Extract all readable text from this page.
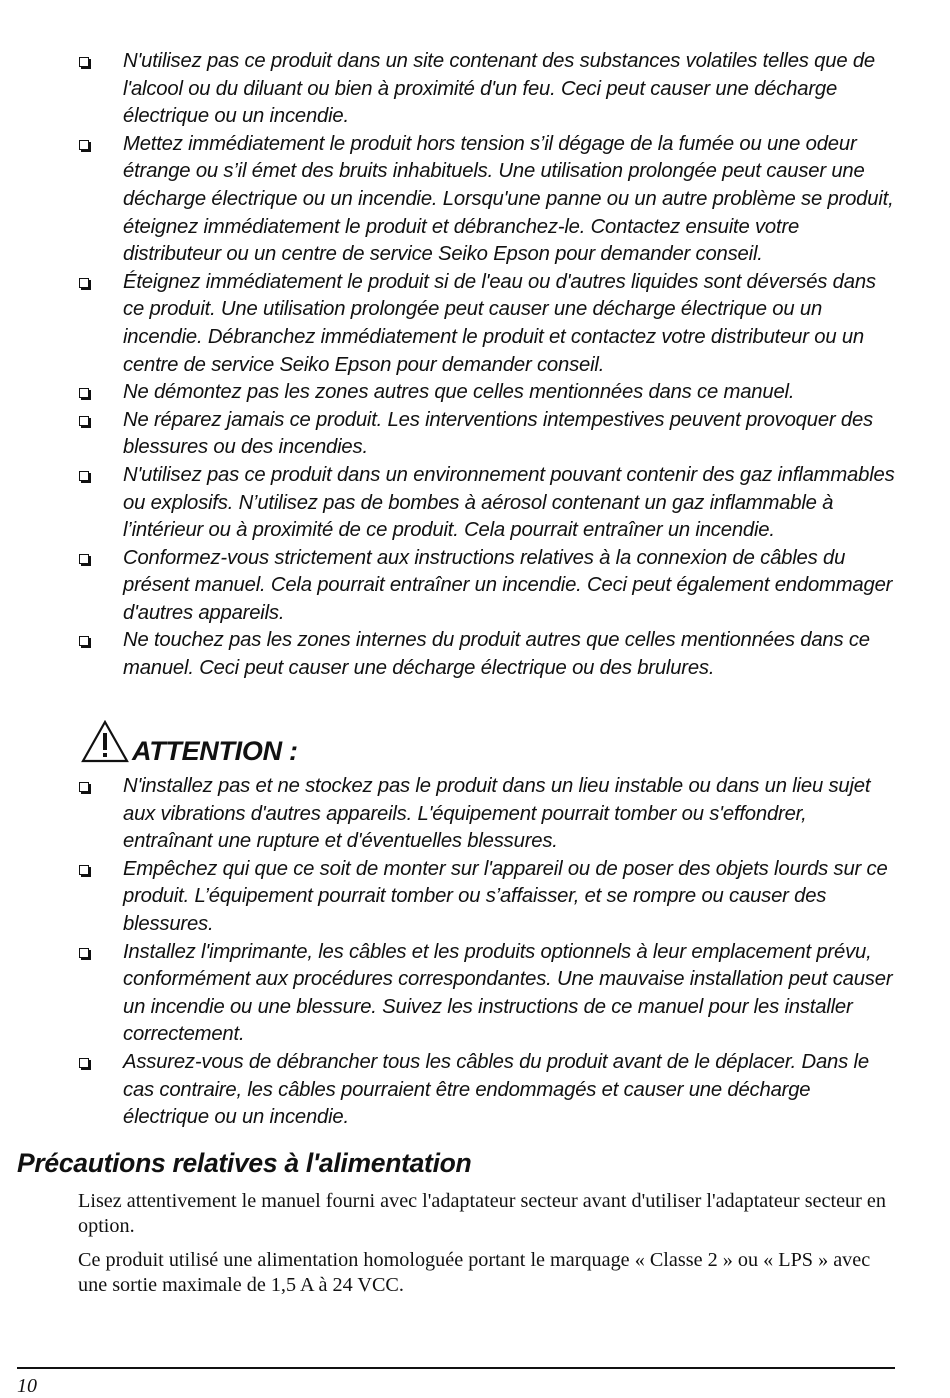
N'utilisez pas ce produit dans un site contenant des substances volatiles telles que de l'alcool ou du diluant ou bien à proximité d'un feu. Ceci peut causer une décharge électrique ou un incendie.
Mettez immédiatement le produit hors tension s’il dégage de la fumée ou une odeur étrange ou s’il émet des bruits inhabituels. Une utilisation prolongée peut causer une décharge électrique ou un incendie. Lorsqu'une panne ou un autre problème se produit, éteignez immédiatement le produit et débranchez-le. Contactez ensuite votre distributeur ou un centre de service Seiko Epson pour demander conseil.
Éteignez immédiatement le produit si de l'eau ou d'autres liquides sont déversés dans ce produit. Une utilisation prolongée peut causer une décharge électrique ou un incendie. Débranchez immédiatement le produit et contactez votre distributeur ou un centre de service Seiko Epson pour demander conseil.
Ne démontez pas les zones autres que celles mentionnées dans ce manuel.
Ne réparez jamais ce produit. Les interventions intempestives peuvent provoquer des blessures ou des incendies.
N'utilisez pas ce produit dans un environnement pouvant contenir des gaz inflammables ou explosifs. N’utilisez pas de bombes à aérosol contenant un gaz inflammable à l’intérieur ou à proximité de ce produit. Cela pourrait entraîner un incendie.
Conformez-vous strictement aux instructions relatives à la connexion de câbles du présent manuel. Cela pourrait entraîner un incendie. Ceci peut également endommager d'autres appareils.
Ne touchez pas les zones internes du produit autres que celles mentionnées dans ce manuel. Ceci peut causer une décharge électrique ou des brulures.
ATTENTION :
N'installez pas et ne stockez pas le produit dans un lieu instable ou dans un lieu sujet aux vibrations d'autres appareils. L'équipement pourrait tomber ou s'effondrer, entraînant une rupture et d'éventuelles blessures.
Empêchez qui que ce soit de monter sur l'appareil ou de poser des objets lourds sur ce produit. L’équipement pourrait tomber ou s’affaisser, et se rompre ou causer des blessures.
Installez l'imprimante, les câbles et les produits optionnels à leur emplacement prévu, conformément aux procédures correspondantes. Une mauvaise installation peut causer un incendie ou une blessure. Suivez les instructions de ce manuel pour les installer correctement.
Assurez-vous de débrancher tous les câbles du produit avant de le déplacer. Dans le cas contraire, les câbles pourraient être endommagés et causer une décharge électrique ou un incendie.
Précautions relatives à l'alimentation

Lisez attentivement le manuel fourni avec l'adaptateur secteur avant d'utiliser l'adaptateur secteur en option.

Ce produit utilisé une alimentation homologuée portant le marquage « Classe 2 » ou « LPS » avec une sortie maximale de 1,5 A à 24 VCC.

10
